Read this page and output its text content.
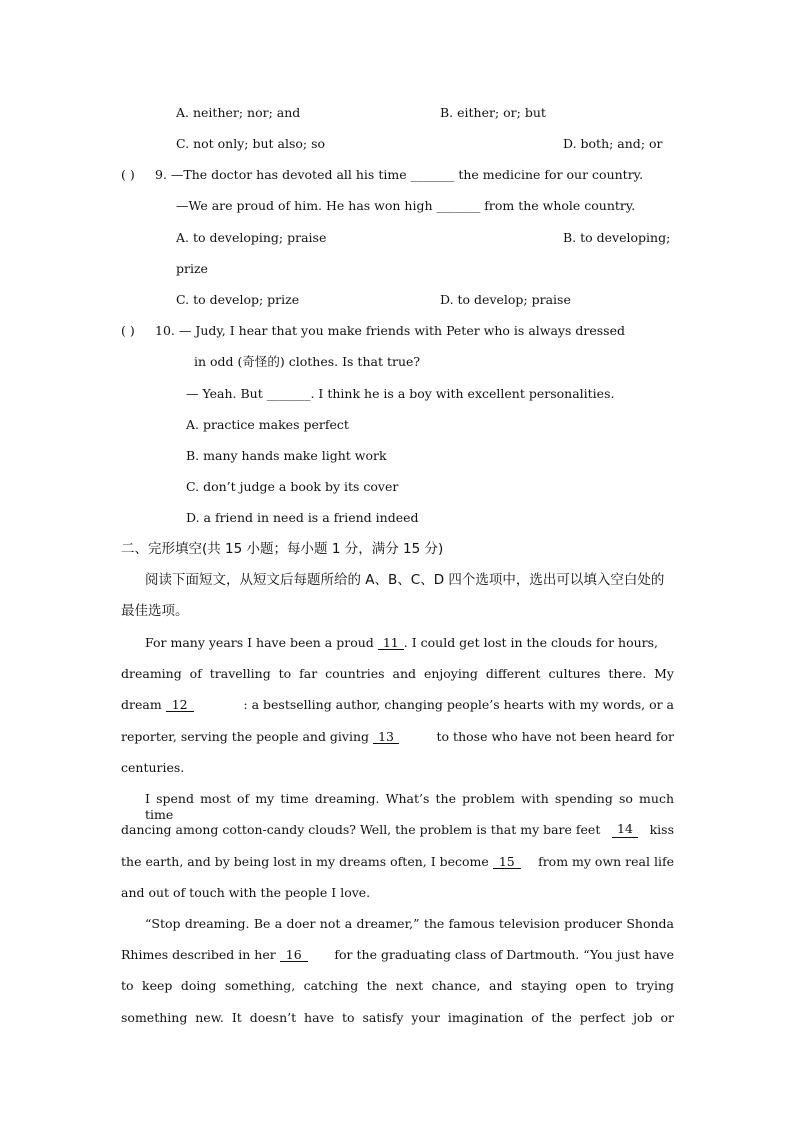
A. neither; nor; and	B. either; or; but
C. not only; but also; so	D. both; and; or
( ) 9. —The doctor has devoted all his time _______ the medicine for our country.
—We are proud of him. He has won high _______ from the whole country.
A. to developing; praise	B. to developing;
prize
C. to develop; prize	D. to develop; praise
( ) 10. — Judy, I hear that you make friends with Peter who is always dressed
in odd (奇怪的) clothes. Is that true?
— Yeah. But _______. I think he is a boy with excellent personalities.
A. practice makes perfect
B. many hands make light work
C. don’t judge a book by its cover
D. a friend in need is a friend indeed
二、完形填空(共 15 小题；每小题 1 分，满分 15 分)
阅读下面短文，从短文后每题所给的 A、B、C、D 四个选项中，选出可以填入空白处的
最佳选项。
For many years I have been a proud 11 . I could get lost in the clouds for hours,
dreaming of travelling to far countries and enjoying different cultures there. My
dream 12	: a bestselling author, changing people’s hearts with my words, or a
reporter, serving the people and giving 13	to those who have not been heard for
centuries.
I spend most of my time dreaming. What’s the problem with spending so much time
dancing among cotton-candy clouds? Well, the problem is that my bare feet	14	kiss
the earth, and by being lost in my dreams often, I become 15	from my own real life
and out of touch with the people I love.
“Stop dreaming. Be a doer not a dreamer,” the famous television producer Shonda
Rhimes described in her 16	for the graduating class of Dartmouth. “You just have
to keep doing something, catching the next chance, and staying open to trying
something new. It doesn’t have to satisfy your imagination of the perfect job or
